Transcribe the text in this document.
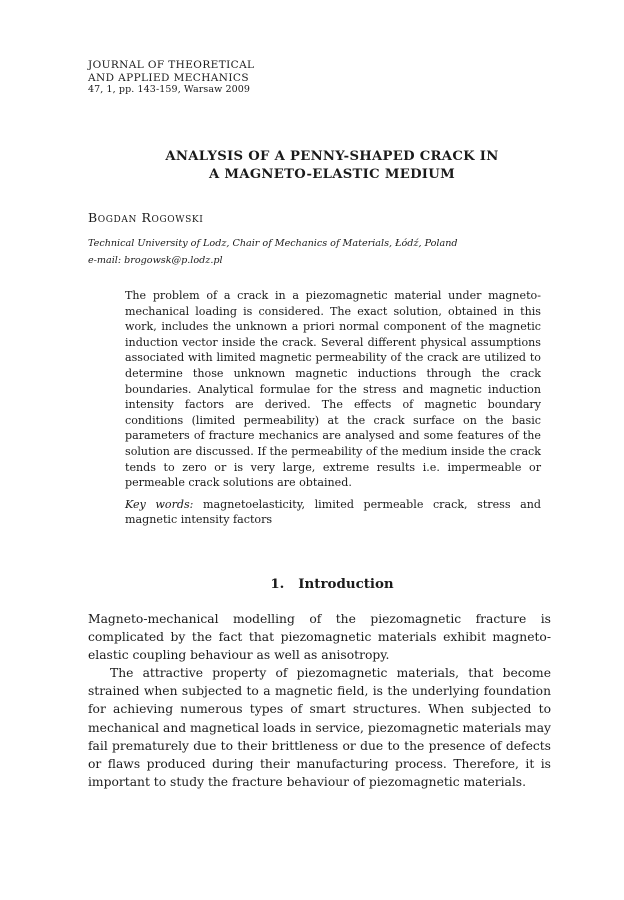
JOURNAL OF THEORETICAL
AND APPLIED MECHANICS
47, 1, pp. 143-159, Warsaw 2009
ANALYSIS OF A PENNY-SHAPED CRACK IN
A MAGNETO-ELASTIC MEDIUM
Bogdan Rogowski
Technical University of Lodz, Chair of Mechanics of Materials, Łódź, Poland
e-mail: brogowsk@p.lodz.pl

The problem of a crack in a piezomagnetic material under magneto-mechanical loading is considered. The exact solution, obtained in this work, includes the unknown a priori normal component of the magnetic induction vector inside the crack. Several different physical assumptions associated with limited magnetic permeability of the crack are utilized to determine those unknown magnetic inductions through the crack boundaries. Analytical formulae for the stress and magnetic induction intensity factors are derived. The effects of magnetic boundary conditions (limited permeability) at the crack surface on the basic parameters of fracture mechanics are analysed and some features of the solution are discussed. If the permeability of the medium inside the crack tends to zero or is very large, extreme results i.e. impermeable or permeable crack solutions are obtained.

Key words: magnetoelasticity, limited permeable crack, stress and magnetic intensity factors

1. Introduction

Magneto-mechanical modelling of the piezomagnetic fracture is complicated by the fact that piezomagnetic materials exhibit magneto-elastic coupling behaviour as well as anisotropy.

The attractive property of piezomagnetic materials, that become strained when subjected to a magnetic field, is the underlying foundation for achieving numerous types of smart structures. When subjected to mechanical and magnetical loads in service, piezomagnetic materials may fail prematurely due to their brittleness or due to the presence of defects or flaws produced during their manufacturing process. Therefore, it is important to study the fracture behaviour of piezomagnetic materials.
